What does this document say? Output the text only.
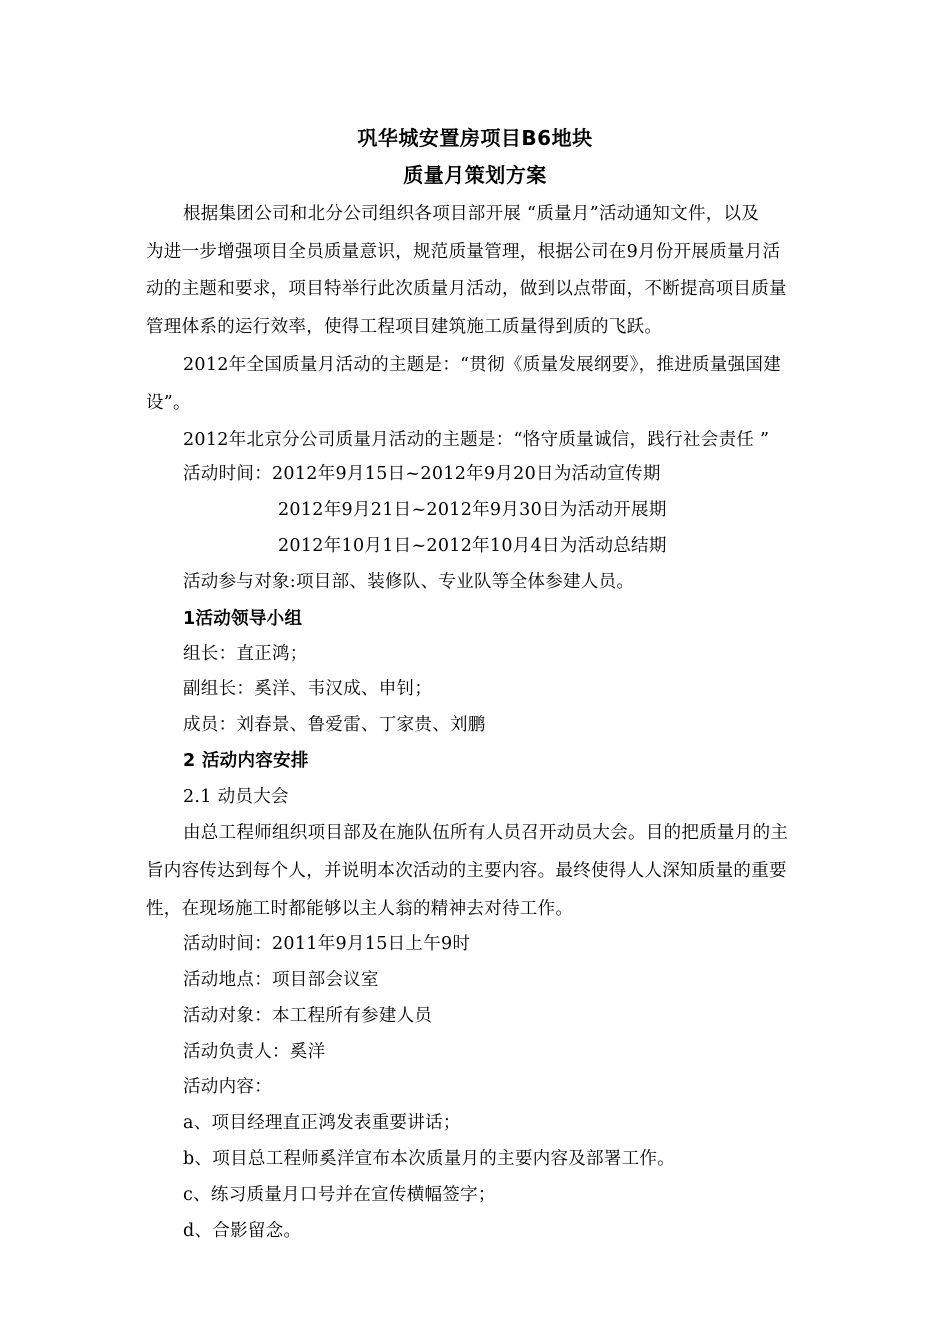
巩华城安置房项目B6地块
质量月策划方案
根据集团公司和北分公司组织各项目部开展 “质量月”活动通知文件，以及
为进一步增强项目全员质量意识，规范质量管理，根据公司在9月份开展质量月活
动的主题和要求，项目特举行此次质量月活动，做到以点带面，不断提高项目质量
管理体系的运行效率，使得工程项目建筑施工质量得到质的飞跃。
2012年全国质量月活动的主题是：“贯彻《质量发展纲要》，推进质量强国建
设”。
2012年北京分公司质量月活动的主题是：“恪守质量诚信，践行社会责任 ”
活动时间：2012年9月15日~2012年9月20日为活动宣传期
2012年9月21日~2012年9月30日为活动开展期
2012年10月1日~2012年10月4日为活动总结期
活动参与对象:项目部、装修队、专业队等全体参建人员。
1活动领导小组
组长：直正鸿；
副组长：奚洋、韦汉成、申钊；
成员：刘春景、鲁爱雷、丁家贵、刘鹏
2 活动内容安排
2.1 动员大会
由总工程师组织项目部及在施队伍所有人员召开动员大会。目的把质量月的主
旨内容传达到每个人，并说明本次活动的主要内容。最终使得人人深知质量的重要
性，在现场施工时都能够以主人翁的精神去对待工作。
活动时间：2011年9月15日上午9时
活动地点：项目部会议室
活动对象：本工程所有参建人员
活动负责人：奚洋
活动内容：
a、项目经理直正鸿发表重要讲话；
b、项目总工程师奚洋宣布本次质量月的主要内容及部署工作。
c、练习质量月口号并在宣传横幅签字；
d、合影留念。
